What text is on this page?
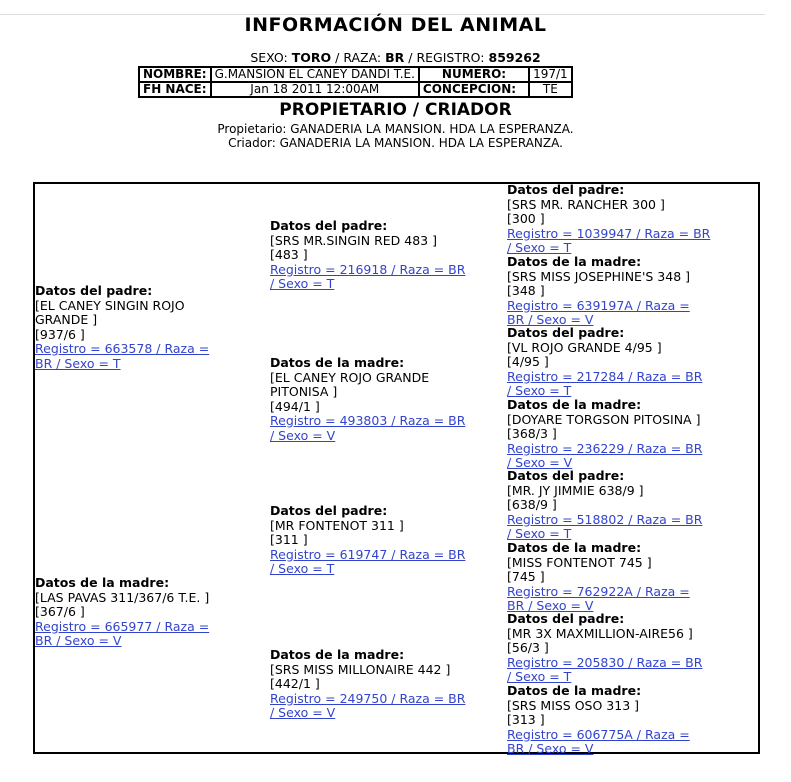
INFORMACIÓN DEL ANIMAL
SEXO: TORO / RAZA: BR / REGISTRO: 859262
NOMBRE:	G.MANSION EL CANEY DANDI T.E.	NUMERO:	197/1
FH NACE:	Jan 18 2011 12:00AM	CONCEPCION:	TE
PROPIETARIO / CRIADOR
Propietario: GANADERIA LA MANSION. HDA LA ESPERANZA.
Criador: GANADERIA LA MANSION. HDA LA ESPERANZA.
Datos del padre:
[EL CANEY SINGIN ROJO
GRANDE ]
[937/6 ]
Registro = 663578 / Raza =
BR / Sexo = T
Datos de la madre:
[LAS PAVAS 311/367/6 T.E. ]
[367/6 ]
Registro = 665977 / Raza =
BR / Sexo = V
Datos del padre:
[SRS MR.SINGIN RED 483 ]
[483 ]
Registro = 216918 / Raza = BR
/ Sexo = T
Datos de la madre:
[EL CANEY ROJO GRANDE
PITONISA ]
[494/1 ]
Registro = 493803 / Raza = BR
/ Sexo = V
Datos del padre:
[MR FONTENOT 311 ]
[311 ]
Registro = 619747 / Raza = BR
/ Sexo = T
Datos de la madre:
[SRS MISS MILLONAIRE 442 ]
[442/1 ]
Registro = 249750 / Raza = BR
/ Sexo = V
Datos del padre:
[SRS MR. RANCHER 300 ]
[300 ]
Registro = 1039947 / Raza = BR
/ Sexo = T
Datos de la madre:
[SRS MISS JOSEPHINE'S 348 ]
[348 ]
Registro = 639197A / Raza =
BR / Sexo = V
Datos del padre:
[VL ROJO GRANDE 4/95 ]
[4/95 ]
Registro = 217284 / Raza = BR
/ Sexo = T
Datos de la madre:
[DOYARE TORGSON PITOSINA ]
[368/3 ]
Registro = 236229 / Raza = BR
/ Sexo = V
Datos del padre:
[MR. JY JIMMIE 638/9 ]
[638/9 ]
Registro = 518802 / Raza = BR
/ Sexo = T
Datos de la madre:
[MISS FONTENOT 745 ]
[745 ]
Registro = 762922A / Raza =
BR / Sexo = V
Datos del padre:
[MR 3X MAXMILLION-AIRE56 ]
[56/3 ]
Registro = 205830 / Raza = BR
/ Sexo = T
Datos de la madre:
[SRS MISS OSO 313 ]
[313 ]
Registro = 606775A / Raza =
BR / Sexo = V
